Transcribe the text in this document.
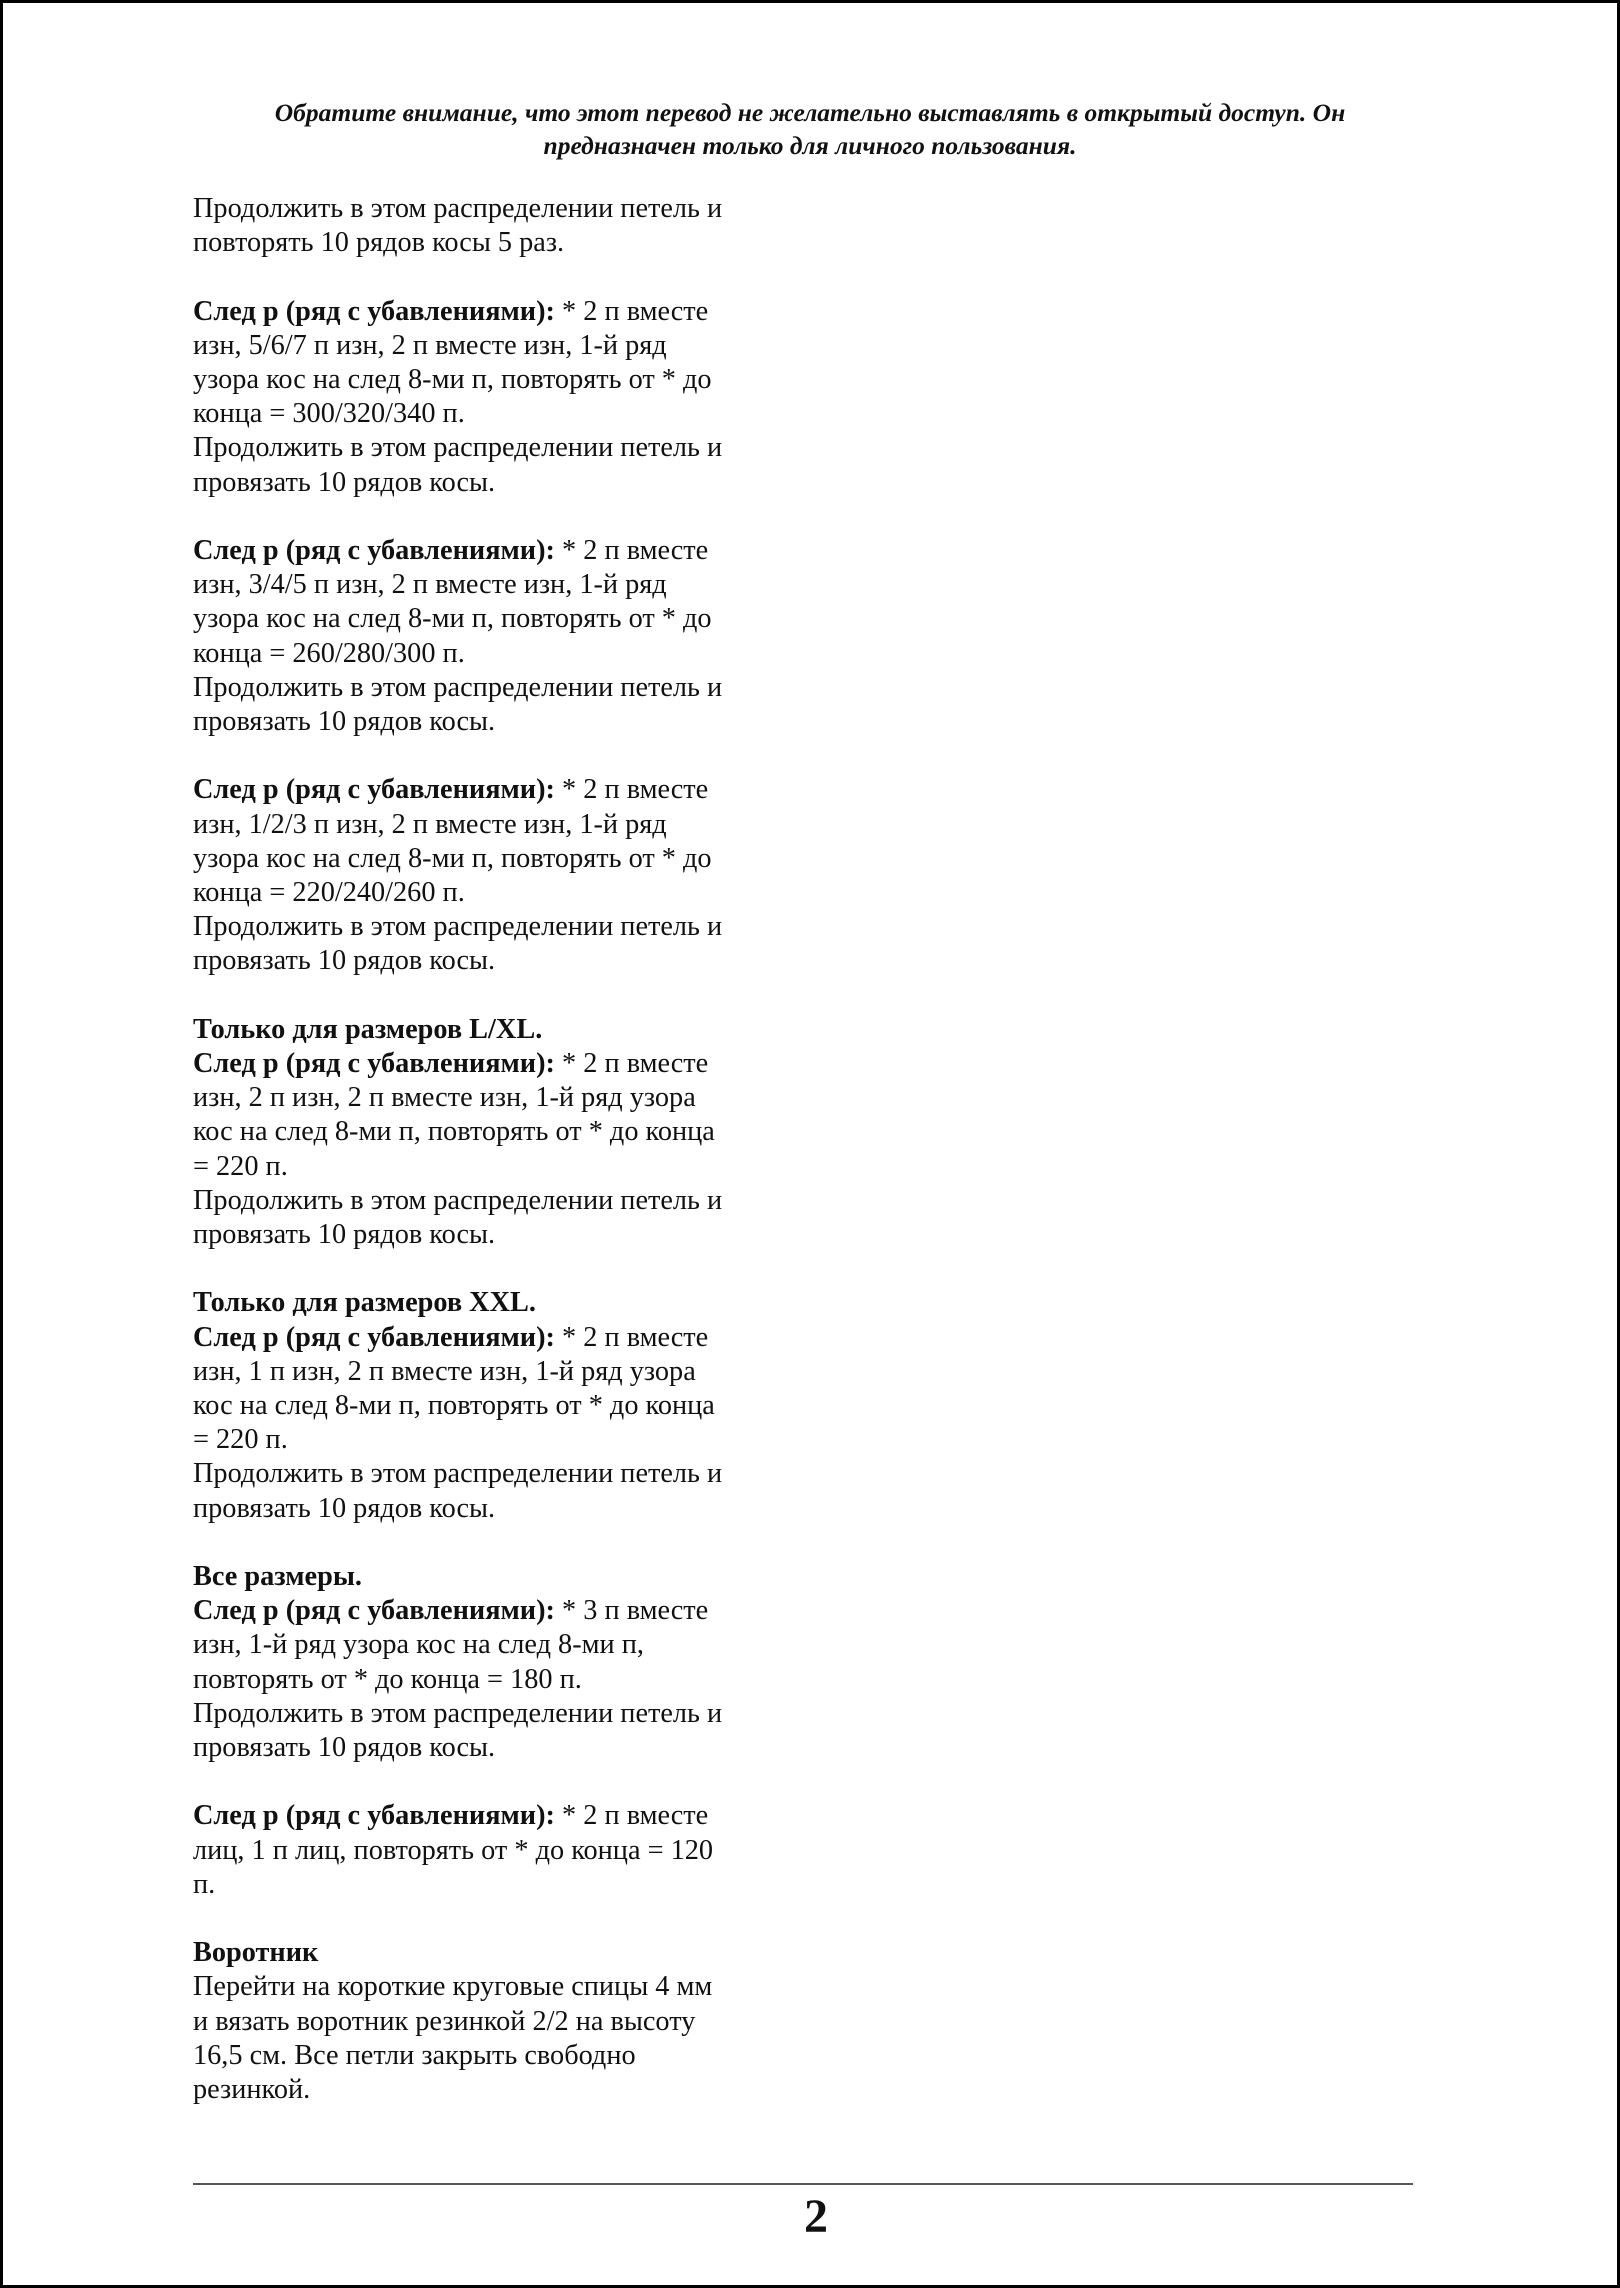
Обратите внимание, что этот перевод не желательно выставлять в открытый доступ. Он
предназначен только для личного пользования.
Продолжить в этом распределении петель и
повторять 10 рядов косы 5 раз.
След р (ряд с убавлениями): * 2 п вместе
изн, 5/6/7 п изн, 2 п вместе изн, 1-й ряд
узора кос на след 8-ми п, повторять от * до
конца = 300/320/340 п.
Продолжить в этом распределении петель и
провязать 10 рядов косы.
След р (ряд с убавлениями): * 2 п вместе
изн, 3/4/5 п изн, 2 п вместе изн, 1-й ряд
узора кос на след 8-ми п, повторять от * до
конца = 260/280/300 п.
Продолжить в этом распределении петель и
провязать 10 рядов косы.
След р (ряд с убавлениями): * 2 п вместе
изн, 1/2/3 п изн, 2 п вместе изн, 1-й ряд
узора кос на след 8-ми п, повторять от * до
конца = 220/240/260 п.
Продолжить в этом распределении петель и
провязать 10 рядов косы.
Только для размеров L/XL.
След р (ряд с убавлениями): * 2 п вместе
изн, 2 п изн, 2 п вместе изн, 1-й ряд узора
кос на след 8-ми п, повторять от * до конца
= 220 п.
Продолжить в этом распределении петель и
провязать 10 рядов косы.
Только для размеров XXL.
След р (ряд с убавлениями): * 2 п вместе
изн, 1 п изн, 2 п вместе изн, 1-й ряд узора
кос на след 8-ми п, повторять от * до конца
= 220 п.
Продолжить в этом распределении петель и
провязать 10 рядов косы.
Все размеры.
След р (ряд с убавлениями): * 3 п вместе
изн, 1-й ряд узора кос на след 8-ми п,
повторять от * до конца = 180 п.
Продолжить в этом распределении петель и
провязать 10 рядов косы.
След р (ряд с убавлениями): * 2 п вместе
лиц, 1 п лиц, повторять от * до конца = 120
п.
Воротник
Перейти на короткие круговые спицы 4 мм
и вязать воротник резинкой 2/2 на высоту
16,5 см. Все петли закрыть свободно
резинкой.
2
